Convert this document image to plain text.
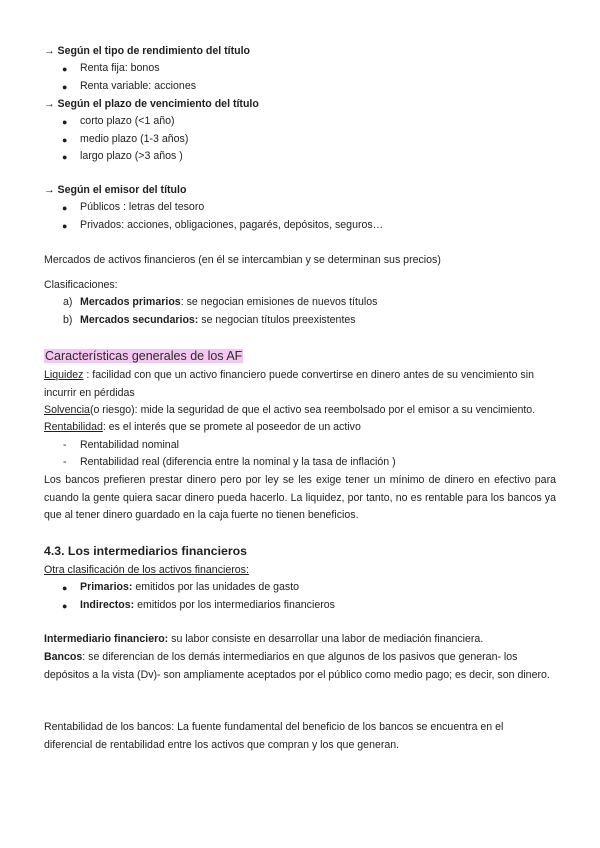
→ Según el tipo de rendimiento del título
● Renta fija: bonos
● Renta variable: acciones
→ Según el plazo de vencimiento del título
● corto plazo (<1 año)
● medio plazo (1-3 años)
● largo plazo (>3 años )
→ Según el emisor del título
● Públicos : letras del tesoro
● Privados: acciones, obligaciones, pagarés, depósitos, seguros…
Mercados de activos financieros (en él se intercambian y se determinan sus precios)
Clasificaciones:
a) Mercados primarios: se negocian emisiones de nuevos títulos
b) Mercados secundarios: se negocian títulos preexistentes
Características generales de los AF
Liquidez : facilidad con que un activo financiero puede convertirse en dinero antes de su vencimiento sin incurrir en pérdidas
Solvencia(o riesgo): mide la seguridad de que el activo sea reembolsado por el emisor a su vencimiento.
Rentabilidad: es el interés que se promete al poseedor de un activo
- Rentabilidad nominal
- Rentabilidad real (diferencia entre la nominal y la tasa de inflación )
Los bancos prefieren prestar dinero pero por ley se les exige tener un mínimo de dinero en efectivo para cuando la gente quiera sacar dinero pueda hacerlo. La liquidez, por tanto, no es rentable para los bancos ya que al tener dinero guardado en la caja fuerte no tienen beneficios.
4.3. Los intermediarios financieros
Otra clasificación de los activos financieros:
● Primarios: emitidos por las unidades de gasto
● Indirectos: emitidos por los intermediarios financieros
Intermediario financiero: su labor consiste en desarrollar una labor de mediación financiera.
Bancos: se diferencian de los demás intermediarios en que algunos de los pasivos que generan- los depósitos a la vista (Dv)- son ampliamente aceptados por el público como medio pago; es decir, son dinero.
Rentabilidad de los bancos: La fuente fundamental del beneficio de los bancos se encuentra en el diferencial de rentabilidad entre los activos que compran y los que generan.
